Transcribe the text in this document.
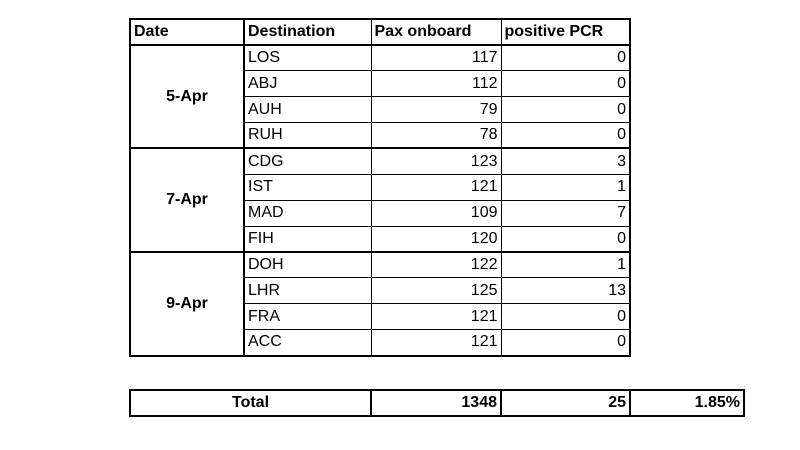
Date	Destination	Pax onboard	positive PCR
5-Apr	LOS	117	0
	ABJ	112	0
	AUH	79	0
	RUH	78	0
7-Apr	CDG	123	3
	IST	121	1
	MAD	109	7
	FIH	120	0
9-Apr	DOH	122	1
	LHR	125	13
	FRA	121	0
	ACC	121	0
Total	1348	25	1.85%
